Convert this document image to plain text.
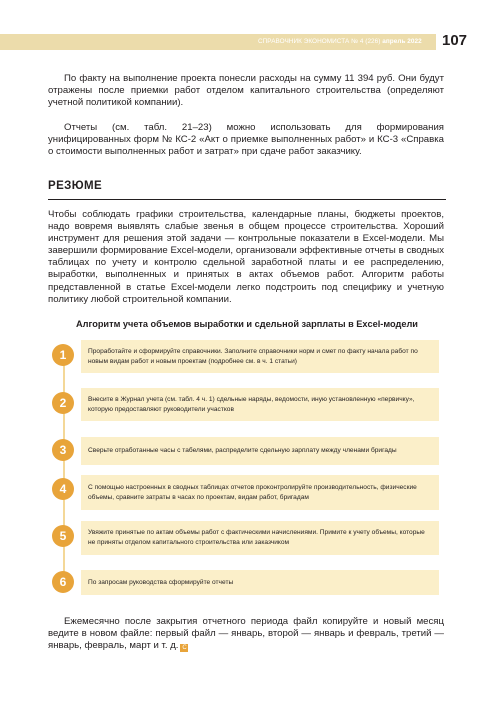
СПРАВОЧНИК ЭКОНОМИСТА № 4 (226) апрель 2022 107
По факту на выполнение проекта понесли расходы на сумму 11 394 руб. Они будут отражены после приемки работ отделом капитального строительства (определяют учетной политикой компании).
Отчеты (см. табл. 21–23) можно использовать для формирования унифицированных форм № КС-2 «Акт о приемке выполненных работ» и КС-3 «Справка о стоимости выполненных работ и затрат» при сдаче работ заказчику.
РЕЗЮМЕ
Чтобы соблюдать графики строительства, календарные планы, бюджеты проектов, надо вовремя выявлять слабые звенья в общем процессе строительства. Хороший инструмент для решения этой задачи — контрольные показатели в Excel-модели. Мы завершили формирование Excel-модели, организовали эффективные отчеты в сводных таблицах по учету и контролю сдельной заработной платы и ее распределению, выработки, выполненных и принятых в актах объемов работ. Алгоритм работы представленной в статье Excel-модели легко подстроить под специфику и учетную политику любой строительной компании.
Алгоритм учета объемов выработки и сдельной зарплаты в Excel-модели
1	Проработайте и сформируйте справочники. Заполните справочники норм и смет по факту начала работ по новым видам работ и новым проектам (подробнее см. в ч. 1 статьи)
2	Внесите в Журнал учета (см. табл. 4 ч. 1) сдельные наряды, ведомости, иную установленную «первичку», которую предоставляют руководители участков
3	Сверьте отработанные часы с табелями, распределите сдельную зарплату между членами бригады
4	С помощью настроенных в сводных таблицах отчетов проконтролируйте производительность, физические объемы, сравните затраты в часах по проектам, видам работ, бригадам
5	Увяжите принятые по актам объемы работ с фактическими начислениями. Примите к учету объемы, которые не приняты отделом капитального строительства или заказчиком
6	По запросам руководства сформируйте отчеты
Ежемесячно после закрытия отчетного периода файл копируйте и новый месяц ведите в новом файле: первый файл — январь, второй — январь и февраль, третий — январь, февраль, март и т. д. С
